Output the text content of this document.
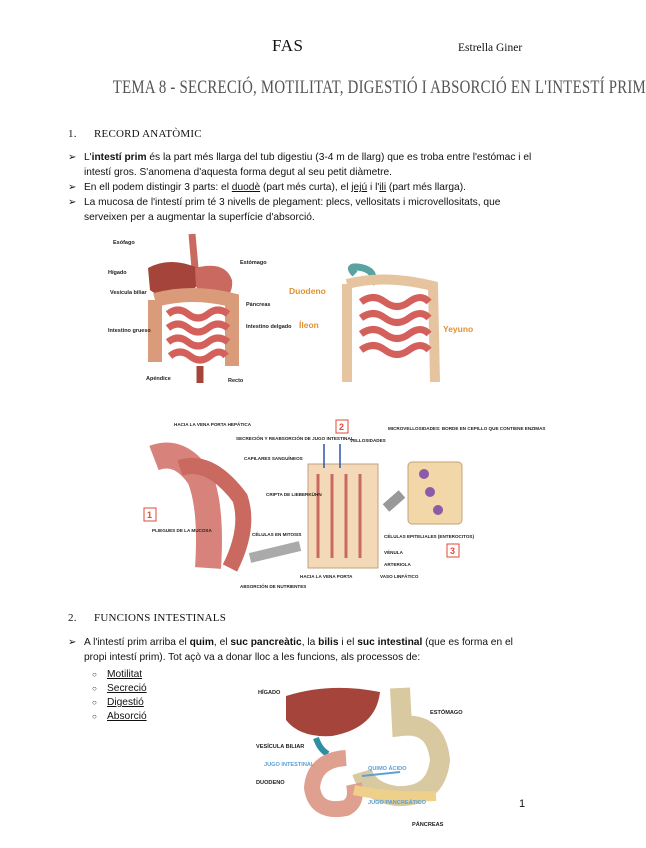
FAS	Estrella Giner
TEMA 8 - SECRECIÓ, MOTILITAT, DIGESTIÓ I ABSORCIÓ EN L'INTESTÍ PRIM
1. RECORD ANATÒMIC
➢ L'intestí prim és la part més llarga del tub digestiu (3-4 m de llarg) que es troba entre l'estómac i el intestí gros. S'anomena d'aquesta forma degut al seu petit diàmetre.
➢ En ell podem distingir 3 parts: el duodè (part més curta), el jejú i l'ili (part més llarga).
➢ La mucosa de l'intestí prim té 3 nivells de plegament: plecs, vellositats i microvellositats, que serveixen per a augmentar la superfície d'absorció.
Esófago
Estómago
Hígado
Vesícula biliar
Páncreas
Intestino grueso
Intestino delgado
Apéndice	Recto
Duodeno
Íleon	Yeyuno
1
2
3
HACIA LA VENA PORTA HEPÁTICA
SECRECIÓN Y REABSORCIÓN DE JUGO INTESTINAL
CAPILARES SANGUÍNEOS
VELLOSIDADES
MICROVELLOSIDADES: BORDE EN CEPILLO QUE CONTIENE ENZIMAS
CRIPTA DE LIEBERKÜHN
PLIEGUES DE LA MUCOSA
CÉLULAS EN MITOSIS	CÉLULAS EPITELIALES (ENTEROCITOS)
VÉNULA
ARTERIOLA
VASO LINFÁTICO
HACIA LA VENA PORTA
ABSORCIÓN DE NUTRIENTES
2. FUNCIONS INTESTINALS
➢ A l'intestí prim arriba el quim, el suc pancreàtic, la bilis i el suc intestinal (que es forma en el propi intestí prim). Tot açò va a donar lloc a les funcions, als processos de:
○ Motilitat
○ Secreció
○ Digestió
○ Absorció
HÍGADO
ESTÓMAGO
VESÍCULA BILIAR
DUODENO
PÁNCREAS
JUGO INTESTINAL
QUIMO ÁCIDO
JUGO PANCREÁTICO	1
